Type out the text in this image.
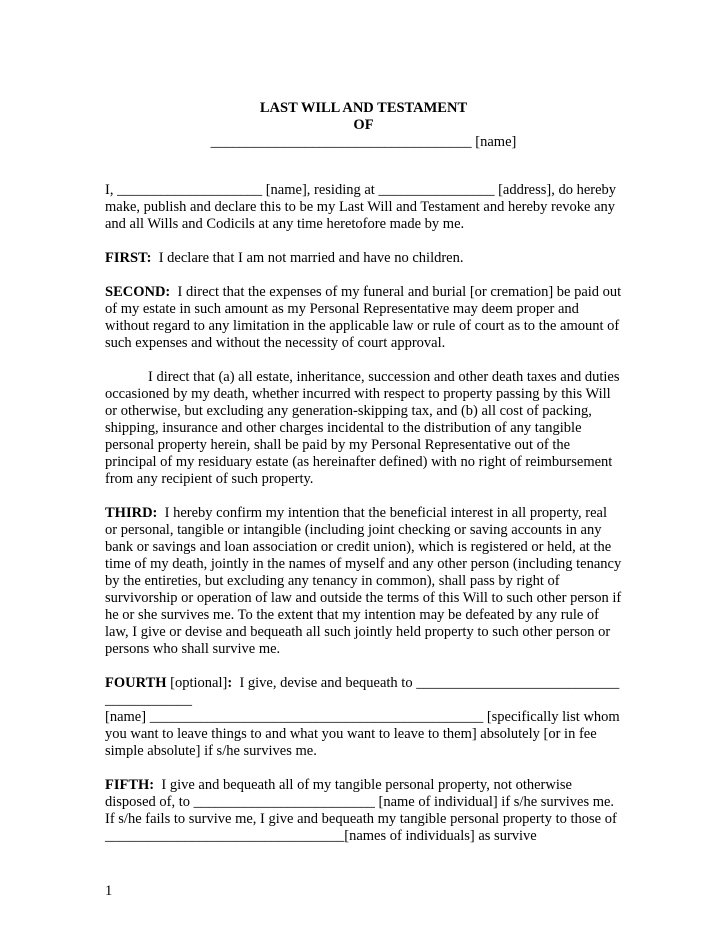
LAST WILL AND TESTAMENT

OF

____________________________________ [name]

I, ____________________ [name], residing at ________________ [address], do hereby make, publish and declare this to be my Last Will and Testament and hereby revoke any and all Wills and Codicils at any time heretofore made by me.

FIRST:  I declare that I am not married and have no children.

SECOND:  I direct that the expenses of my funeral and burial [or cremation] be paid out of my estate in such amount as my Personal Representative may deem proper and without regard to any limitation in the applicable law or rule of court as to the amount of such expenses and without the necessity of court approval.

I direct that (a) all estate, inheritance, succession and other death taxes and duties occasioned by my death, whether incurred with respect to property passing by this Will or otherwise, but excluding any generation-skipping tax, and (b) all cost of packing, shipping, insurance and other charges incidental to the distribution of any tangible personal property herein, shall be paid by my Personal Representative out of the principal of my residuary estate (as hereinafter defined) with no right of reimbursement from any recipient of such property.

THIRD:  I hereby confirm my intention that the beneficial interest in all property, real or personal, tangible or intangible (including joint checking or saving accounts in any bank or savings and loan association or credit union), which is registered or held, at the time of my death, jointly in the names of myself and any other person (including tenancy by the entireties, but excluding any tenancy in common), shall pass by right of survivorship or operation of law and outside the terms of this Will to such other person if he or she survives me. To the extent that my intention may be defeated by any rule of law, I give or devise and bequeath all such jointly held property to such other person or persons who shall survive me.

FOURTH [optional]:  I give, devise and bequeath to ________________________________________

[name] ______________________________________________ [specifically list whom you want to leave things to and what you want to leave to them] absolutely [or in fee simple absolute] if s/he survives me.

FIFTH:  I give and bequeath all of my tangible personal property, not otherwise disposed of, to _________________________ [name of individual] if s/he survives me.  If s/he fails to survive me, I give and bequeath my tangible personal property to those of _________________________________[names of individuals] as survive

1
